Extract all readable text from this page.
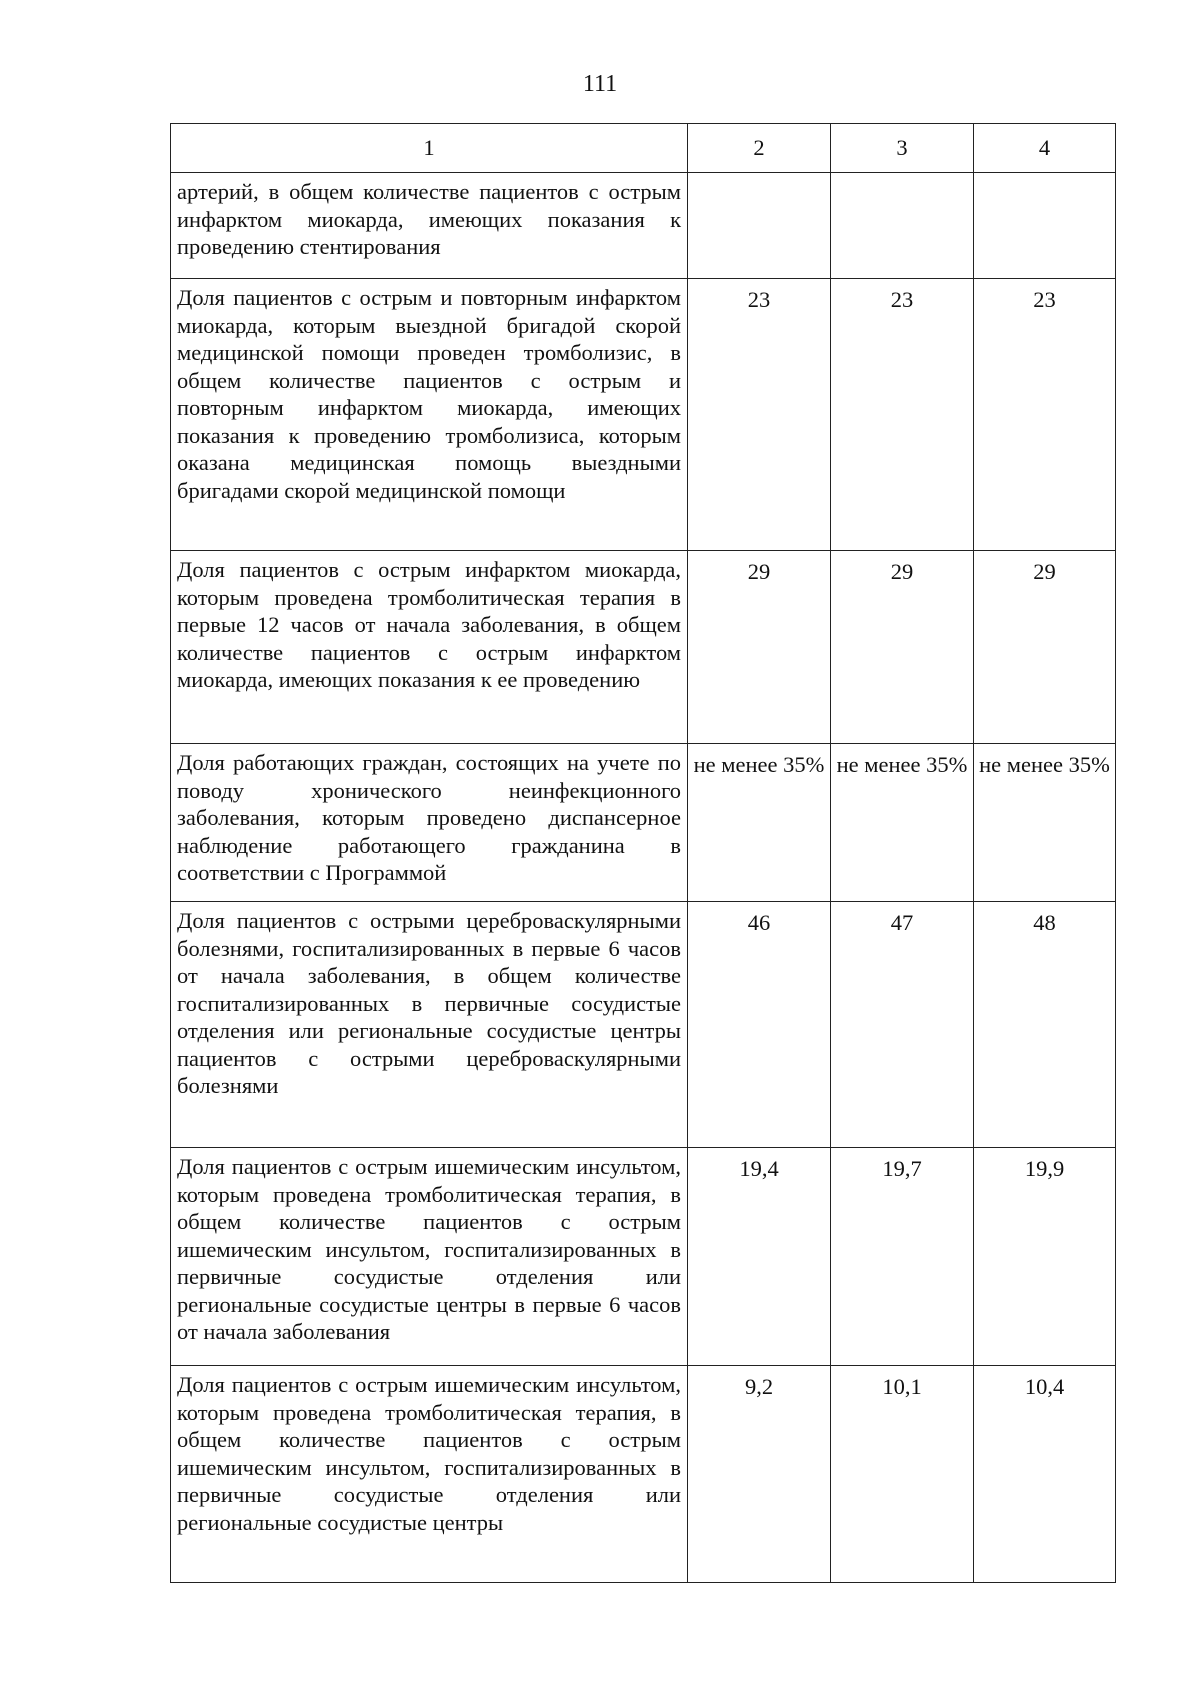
111
1	2	3	4
артерий, в общем количестве пациентов с острым инфарктом миокарда, имеющих показания к проведению стентирования			
Доля пациентов с острым и повторным инфарктом миокарда, которым выездной бригадой скорой медицинской помощи проведен тромболизис, в общем количестве пациентов с острым и повторным инфарктом миокарда, имеющих показания к проведению тромболизиса, которым оказана медицинская помощь выездными бригадами скорой медицинской помощи	23	23	23
Доля пациентов с острым инфарктом миокарда, которым проведена тромболитическая терапия в первые 12 часов от начала заболевания, в общем количестве пациентов с острым инфарктом миокарда, имеющих показания к ее проведению	29	29	29
Доля работающих граждан, состоящих на учете по поводу хронического неинфекционного заболевания, которым проведено диспансерное наблюдение работающего гражданина в соответствии с Программой	не менее 35%	не менее 35%	не менее 35%
Доля пациентов с острыми цереброваскулярными болезнями, госпитализированных в первые 6 часов от начала заболевания, в общем количестве госпитализированных в первичные сосудистые отделения или региональные сосудистые центры пациентов с острыми цереброваскулярными болезнями	46	47	48
Доля пациентов с острым ишемическим инсультом, которым проведена тромболитическая терапия, в общем количестве пациентов с острым ишемическим инсультом, госпитализированных в первичные сосудистые отделения или региональные сосудистые центры в первые 6 часов от начала заболевания	19,4	19,7	19,9
Доля пациентов с острым ишемическим инсультом, которым проведена тромболитическая терапия, в общем количестве пациентов с острым ишемическим инсультом, госпитализированных в первичные сосудистые отделения или региональные сосудистые центры	9,2	10,1	10,4
